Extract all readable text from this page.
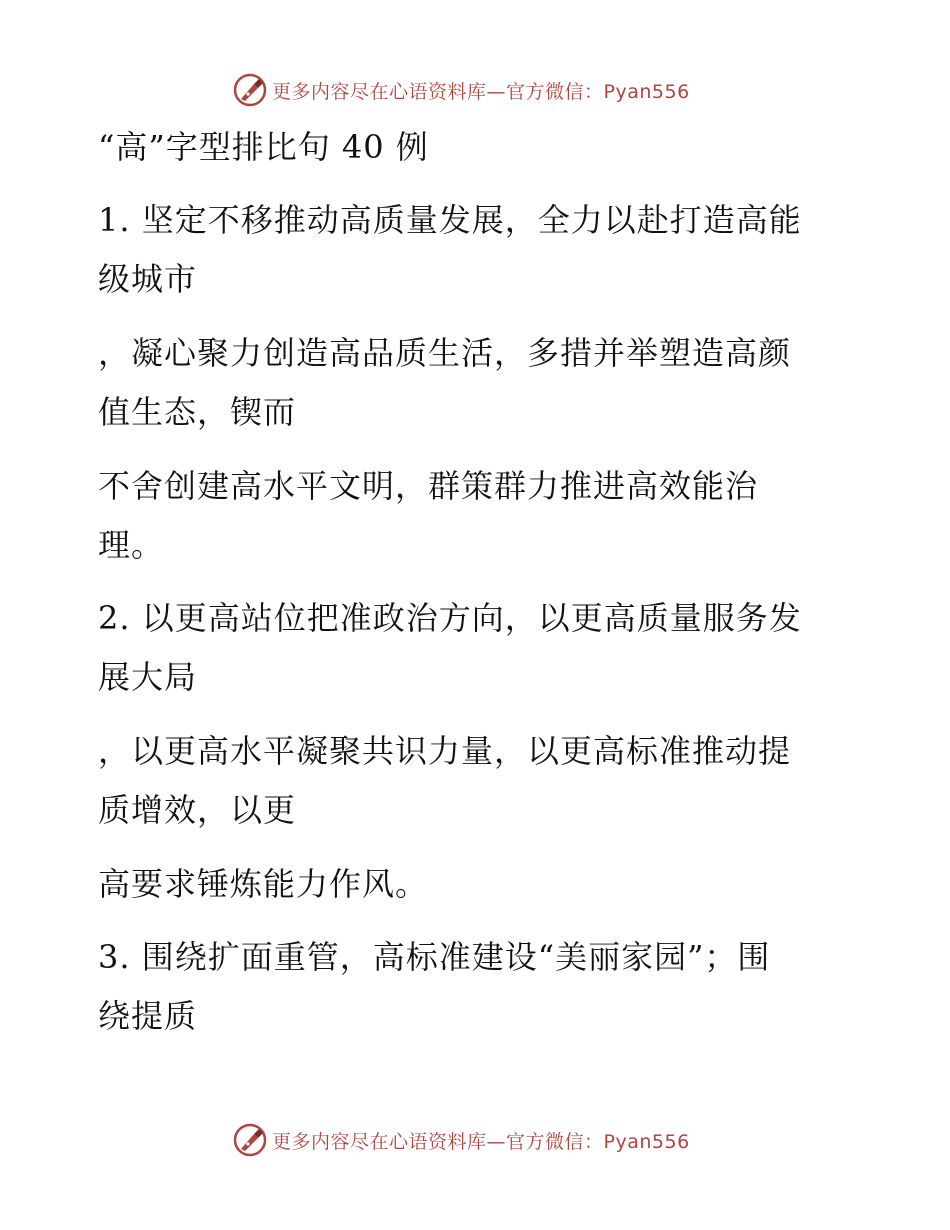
更多内容尽在心语资料库—官方微信：Pyan556

“高”字型排比句 40 例

1. 坚定不移推动高质量发展，全力以赴打造高能

级城市

，凝心聚力创造高品质生活，多措并举塑造高颜

值生态，锲而

不舍创建高水平文明，群策群力推进高效能治

理。

2. 以更高站位把准政治方向，以更高质量服务发

展大局

，以更高水平凝聚共识力量，以更高标准推动提

质增效，以更

高要求锤炼能力作风。

3. 围绕扩面重管，高标准建设“美丽家园”；围

绕提质

更多内容尽在心语资料库—官方微信：Pyan556
